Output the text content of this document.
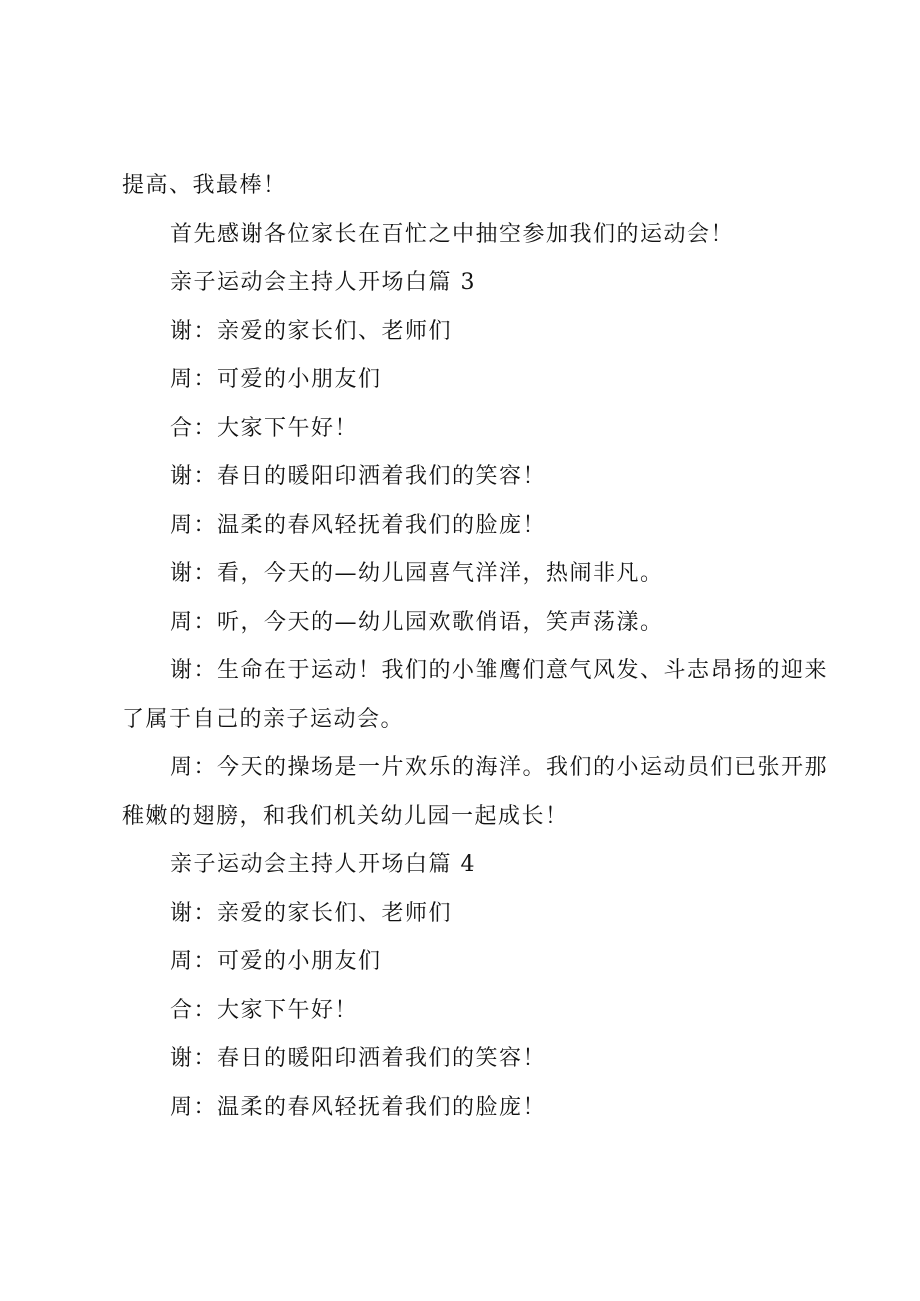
提高、我最棒！
首先感谢各位家长在百忙之中抽空参加我们的运动会！
亲子运动会主持人开场白篇 3
谢：亲爱的家长们、老师们
周：可爱的小朋友们
合：大家下午好！
谢：春日的暖阳印洒着我们的笑容！
周：温柔的春风轻抚着我们的脸庞！
谢：看，今天的—幼儿园喜气洋洋，热闹非凡。
周：听，今天的—幼儿园欢歌俏语，笑声荡漾。
谢：生命在于运动！我们的小雏鹰们意气风发、斗志昂扬的迎来
了属于自己的亲子运动会。
周：今天的操场是一片欢乐的海洋。我们的小运动员们已张开那
稚嫩的翅膀，和我们机关幼儿园一起成长！
亲子运动会主持人开场白篇 4
谢：亲爱的家长们、老师们
周：可爱的小朋友们
合：大家下午好！
谢：春日的暖阳印洒着我们的笑容！
周：温柔的春风轻抚着我们的脸庞！
